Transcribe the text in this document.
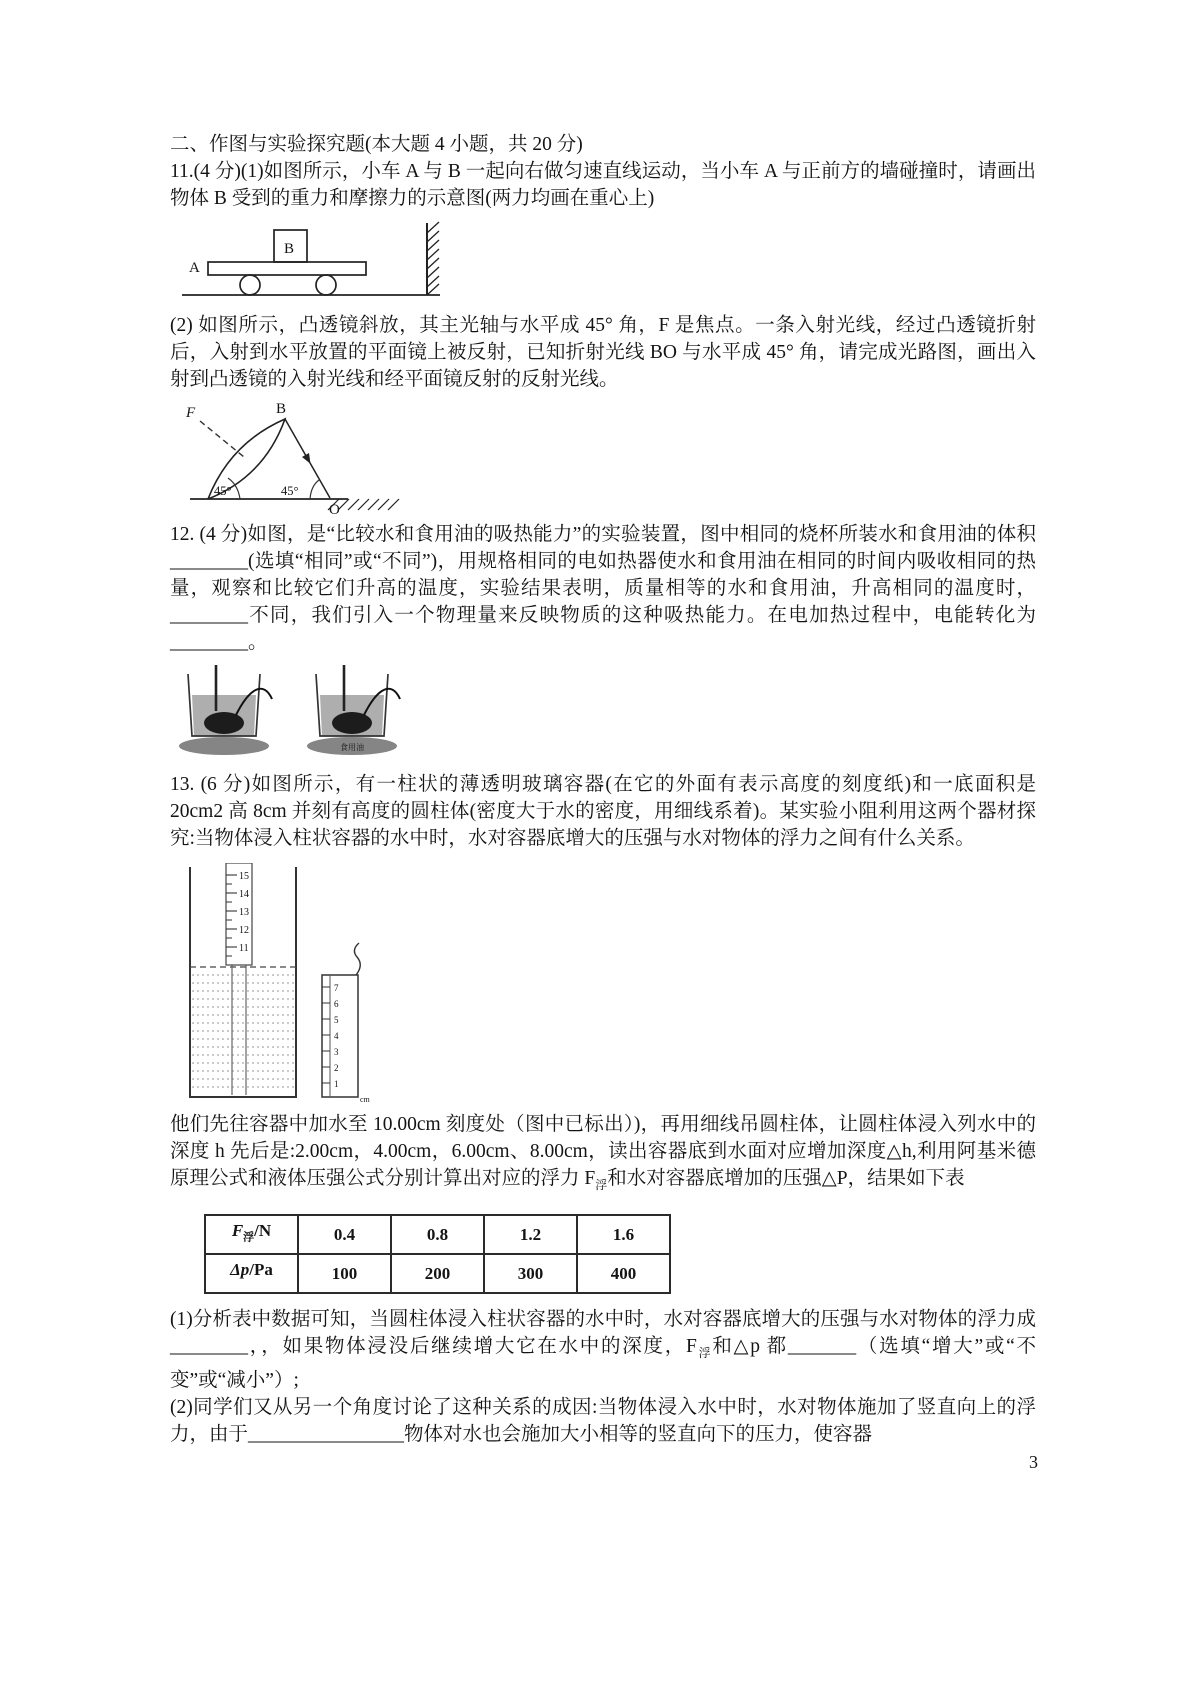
二、作图与实验探究题(本大题 4 小题，共 20 分)

11.(4 分)(1)如图所示，小车 A 与 B 一起向右做匀速直线运动，当小车 A 与正前方的墙碰撞时，请画出物体 B 受到的重力和摩擦力的示意图(两力均画在重心上)

A
B

(2) 如图所示，凸透镜斜放，其主光轴与水平成 45° 角，F 是焦点。一条入射光线，经过凸透镜折射后，入射到水平放置的平面镜上被反射，已知折射光线 BO 与水平成 45° 角，请完成光路图，画出入射到凸透镜的入射光线和经平面镜反射的反射光线。

F	B
45°	45°
O

12. (4 分)如图，是“比较水和食用油的吸热能力”的实验装置，图中相同的烧杯所装水和食用油的体积________(选填“相同”或“不同”)，用规格相同的电如热器使水和食用油在相同的时间内吸收相同的热量，观察和比较它们升高的温度，实验结果表明，质量相等的水和食用油，升高相同的温度时，________不同，我们引入一个物理量来反映物质的这种吸热能力。在电加热过程中，电能转化为________。

食用油

13. (6 分)如图所示，有一柱状的薄透明玻璃容器(在它的外面有表示高度的刻度纸)和一底面积是 20cm2 高 8cm 并刻有高度的圆柱体(密度大于水的密度，用细线系着)。某实验小阻利用这两个器材探究:当物体浸入柱状容器的水中时，水对容器底增大的压强与水对物体的浮力之间有什么关系。

15
14
13
12
11
7
6
5
4
3
2
1
cm

他们先往容器中加水至 10.00cm 刻度处（图中已标出）)，再用细线吊圆柱体，让圆柱体浸入列水中的深度 h 先后是:2.00cm，4.00cm，6.00cm、8.00cm，读出容器底到水面对应增加深度△h,利用阿基米德原理公式和液体压强公式分别计算出对应的浮力 $F_浮$和水对容器底增加的压强△P，结果如下表

$F_浮/N$	0.4	0.8	1.2	1.6
Δp/Pa	100	200	300	400

(1)分析表中数据可知，当圆柱体浸入柱状容器的水中时，水对容器底增大的压强与水对物体的浮力成________，，如果物体浸没后继续增大它在水中的深度，$F_浮$和△p 都_______（选填“增大”或“不变”或“减小”）;

(2)同学们又从另一个角度讨论了这种关系的成因:当物体浸入水中时，水对物体施加了竖直向上的浮力，由于________________物体对水也会施加大小相等的竖直向下的压力，使容器

3
